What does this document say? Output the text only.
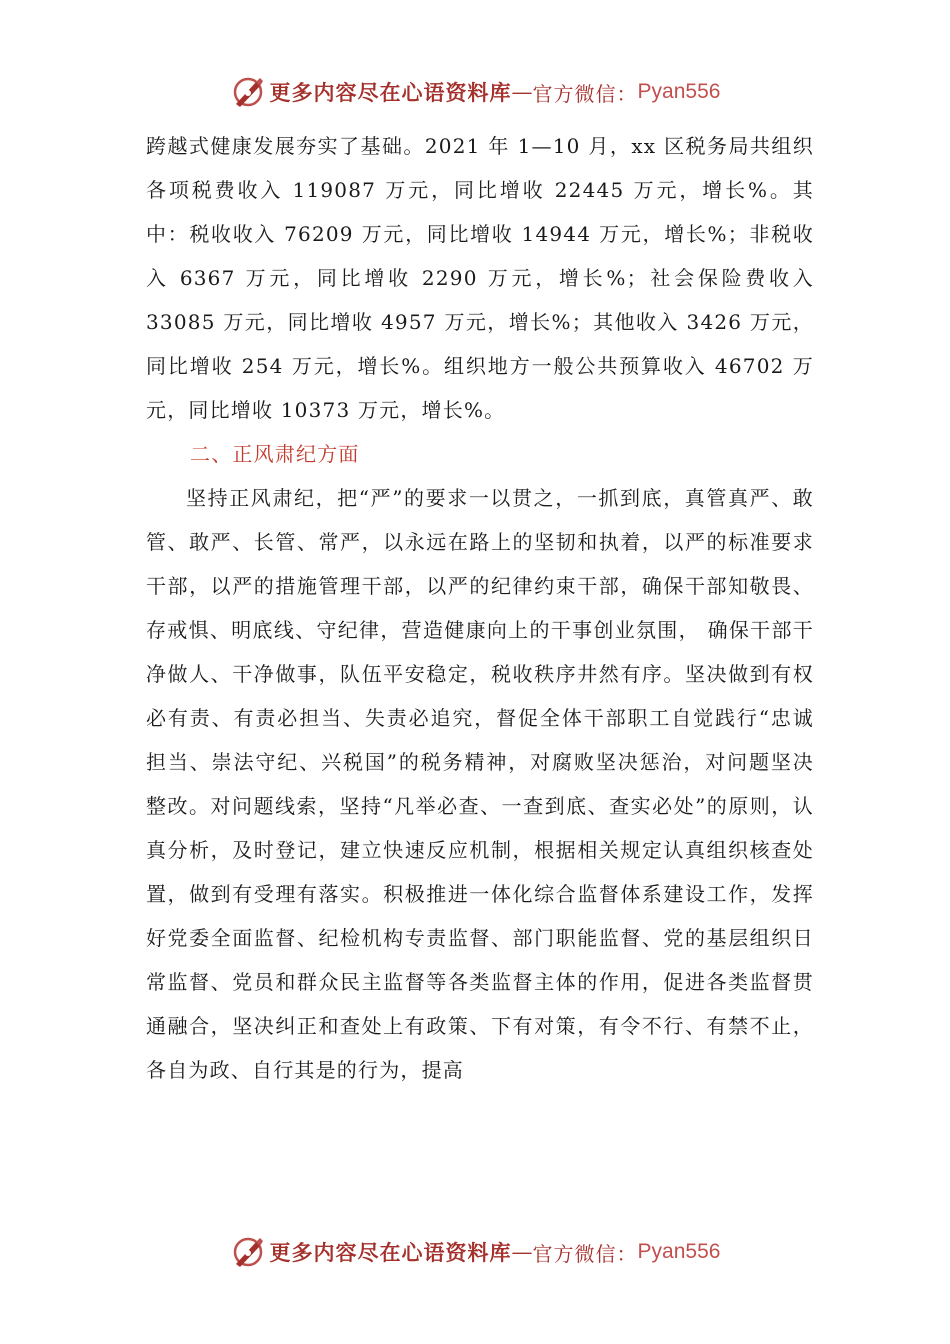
更多内容尽在心语资料库 — 官方微信： Pyan556

跨越式健康发展夯实了基础。2021 年 1—10 月，xx 区税务局共组织各项税费收入 119087 万元，同比增收 22445 万元，增长%。其中：税收收入 76209 万元，同比增收 14944 万元，增长%；非税收入 6367 万元，同比增收 2290 万元，增长%；社会保险费收入 33085 万元，同比增收 4957 万元，增长%；其他收入 3426 万元，同比增收 254 万元，增长%。组织地方一般公共预算收入 46702 万元，同比增收 10373 万元，增长%。

二、正风肃纪方面

坚持正风肃纪，把“严”的要求一以贯之，一抓到底，真管真严、敢管、敢严、长管、常严，以永远在路上的坚韧和执着，以严的标准要求干部，以严的措施管理干部，以严的纪律约束干部，确保干部知敬畏、存戒惧、明底线、守纪律，营造健康向上的干事创业氛围， 确保干部干净做人、干净做事，队伍平安稳定，税收秩序井然有序。坚决做到有权必有责、有责必担当、失责必追究，督促全体干部职工自觉践行“忠诚担当、崇法守纪、兴税国”的税务精神，对腐败坚决惩治，对问题坚决整改。对问题线索，坚持“凡举必查、一查到底、查实必处”的原则，认真分析，及时登记，建立快速反应机制，根据相关规定认真组织核查处置，做到有受理有落实。积极推进一体化综合监督体系建设工作，发挥好党委全面监督、纪检机构专责监督、部门职能监督、党的基层组织日常监督、党员和群众民主监督等各类监督主体的作用，促进各类监督贯通融合，坚决纠正和查处上有政策、下有对策，有令不行、有禁不止，各自为政、自行其是的行为，提高

更多内容尽在心语资料库 — 官方微信： Pyan556
